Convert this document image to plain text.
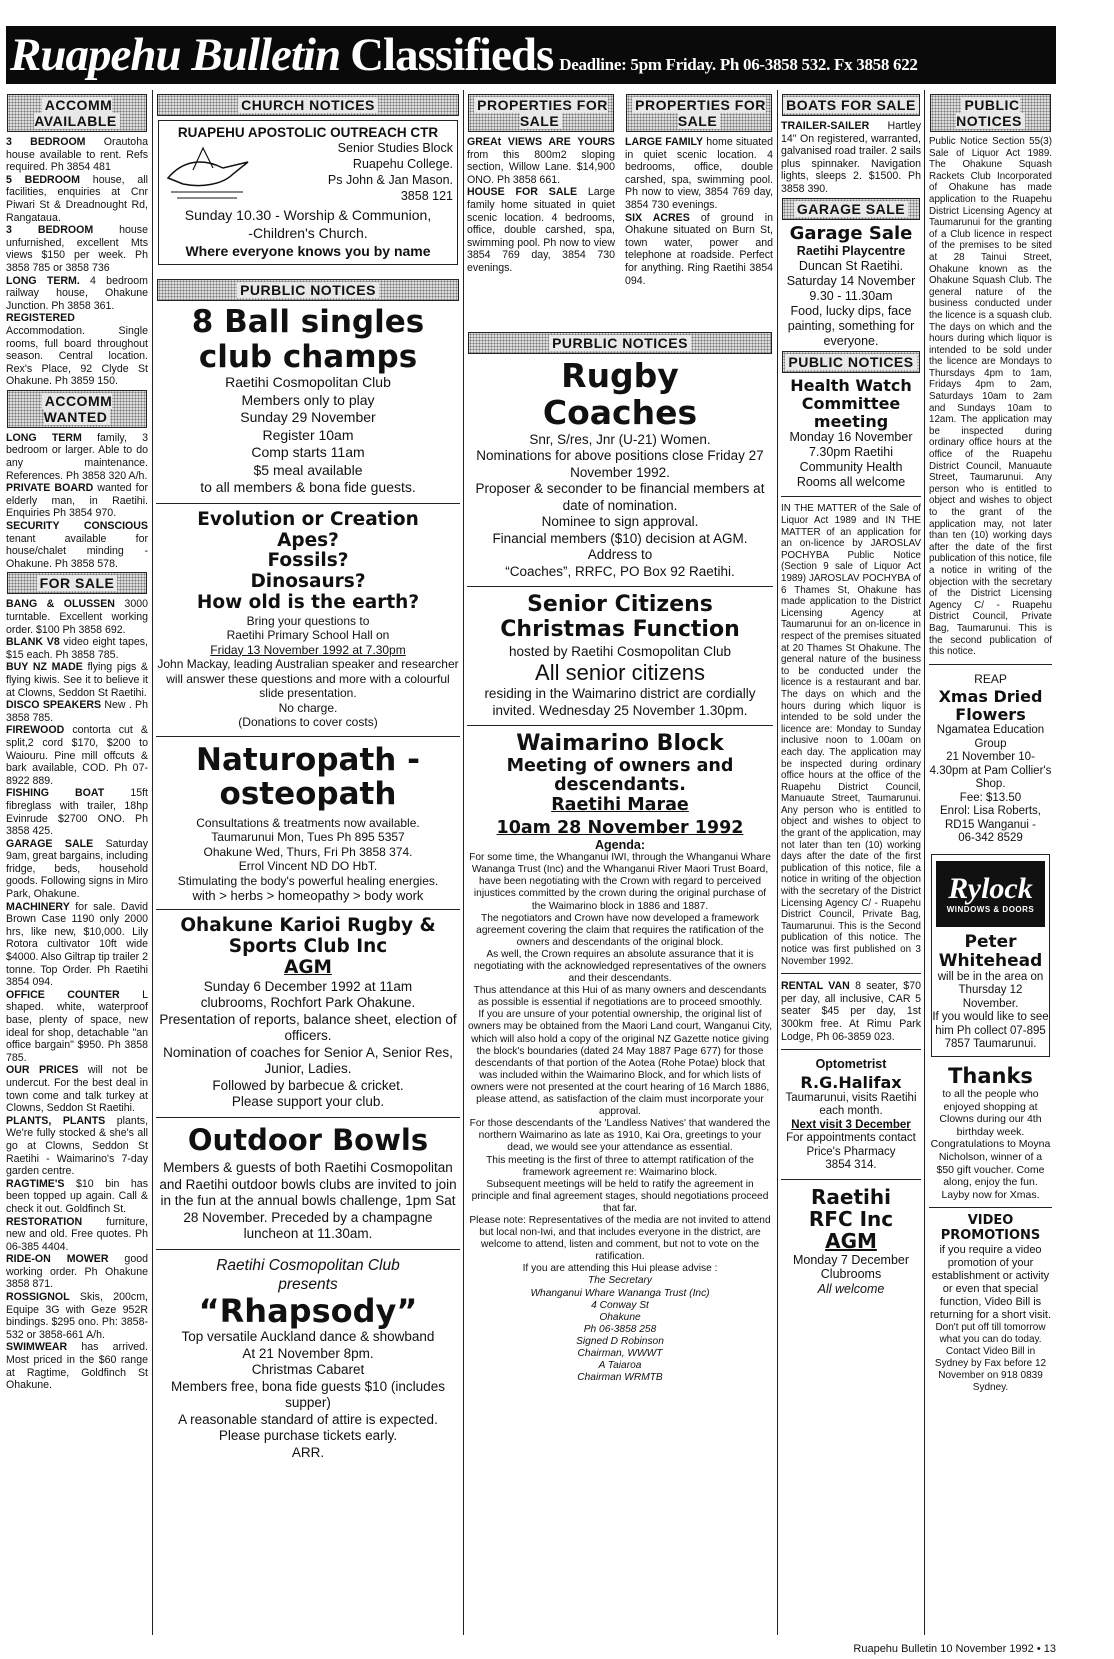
Ruapehu Bulletin Classifieds Deadline: 5pm Friday. Ph 06-3858 532. Fx 3858 622
ACCOMM AVAILABLE

3 BEDROOM Orautoha house available to rent. Refs required. Ph 3854 481

5 BEDROOM house, all facilities, enquiries at Cnr Piwari St & Dreadnought Rd, Rangataua.

3 BEDROOM house unfurnished, excellent Mts views $150 per week. Ph 3858 785 or 3858 736

LONG TERM. 4 bedroom railway house, Ohakune Junction. Ph 3858 361.

REGISTERED Accommodation. Single rooms, full board throughout season. Central location. Rex's Place, 92 Clyde St Ohakune. Ph 3859 150.

ACCOMM WANTED

LONG TERM family, 3 bedroom or larger. Able to do any maintenance. References. Ph 3858 320 A/h.

PRIVATE BOARD wanted for elderly man, in Raetihi. Enquiries Ph 3854 970.

SECURITY CONSCIOUS tenant available for house/chalet minding - Ohakune. Ph 3858 578.

FOR SALE

BANG & OLUSSEN 3000 turntable. Excellent working order. $100 Ph 3858 692.

BLANK V8 video eight tapes, $15 each. Ph 3858 785.

BUY NZ MADE flying pigs & flying kiwis. See it to believe it at Clowns, Seddon St Raetihi.

DISCO SPEAKERS New . Ph 3858 785.

FIREWOOD contorta cut & split,2 cord $170, $200 to Waiouru. Pine mill offcuts & bark available, COD. Ph 07-8922 889.

FISHING BOAT 15ft fibreglass with trailer, 18hp Evinrude $2700 ONO. Ph 3858 425.

GARAGE SALE Saturday 9am, great bargains, including fridge, beds, household goods. Following signs in Miro Park, Ohakune.

MACHINERY for sale. David Brown Case 1190 only 2000 hrs, like new, $10,000. Lily Rotora cultivator 10ft wide $4000. Also Giltrap tip trailer 2 tonne. Top Order. Ph Raetihi 3854 094.

OFFICE COUNTER L shaped. white, waterproof base, plenty of space, new ideal for shop, detachable "an office bargain" $950. Ph 3858 785.

OUR PRICES will not be undercut. For the best deal in town come and talk turkey at Clowns, Seddon St Raetihi.

PLANTS, PLANTS plants, We're fully stocked & she's all go at Clowns, Seddon St Raetihi - Waimarino's 7-day garden centre.

RAGTIME'S $10 bin has been topped up again. Call & check it out. Goldfinch St.

RESTORATION furniture, new and old. Free quotes. Ph 06-385 4404.

RIDE-ON MOWER good working order. Ph Ohakune 3858 871.

ROSSIGNOL Skis, 200cm, Equipe 3G with Geze 952R bindings. $295 ono. Ph: 3858-532 or 3858-661 A/h.

SWIMWEAR has arrived. Most priced in the $60 range at Ragtime, Goldfinch St Ohakune.

CHURCH NOTICES
RUAPEHU APOSTOLIC OUTREACH CTR
Senior Studies Block
Ruapehu College.
Ps John & Jan Mason.
3858 121
Sunday 10.30 - Worship & Communion,
-Children's Church.
Where everyone knows you by name
PURBLIC NOTICES
8 Ball singles
club champs
Raetihi Cosmopolitan Club
Members only to play
Sunday 29 November
Register 10am
Comp starts 11am
$5 meal available
to all members & bona fide guests.
Evolution or Creation
Apes?
Fossils?
Dinosaurs?
How old is the earth?
Bring your questions to
Raetihi Primary School Hall on
Friday 13 November 1992 at 7.30pm
John Mackay, leading Australian speaker and researcher will answer these questions and more with a colourful slide presentation.
No charge.
(Donations to cover costs)
Naturopath -
osteopath
Consultations & treatments now available.
Taumarunui Mon, Tues Ph 895 5357
Ohakune Wed, Thurs, Fri Ph 3858 374.
Errol Vincent ND DO HbT.
Stimulating the body's powerful healing energies.
with > herbs > homeopathy > body work
Ohakune Karioi Rugby &
Sports Club Inc
AGM
Sunday 6 December 1992 at 11am
clubrooms, Rochfort Park Ohakune.
Presentation of reports, balance sheet, election of officers.
Nomination of coaches for Senior A, Senior Res, Junior, Ladies.
Followed by barbecue & cricket.
Please support your club.
Outdoor Bowls
Members & guests of both Raetihi Cosmopolitan and Raetihi outdoor bowls clubs are invited to join in the fun at the annual bowls challenge, 1pm Sat 28 November. Preceded by a champagne luncheon at 11.30am.
Raetihi Cosmopolitan Club
presents
“Rhapsody”
Top versatile Auckland dance & showband
At 21 November 8pm.
Christmas Cabaret
Members free, bona fide guests $10 (includes supper)
A reasonable standard of attire is expected.
Please purchase tickets early.
ARR.
PROPERTIES FOR SALE

GREAt VIEWS ARE YOURS from this 800m2 sloping section, Willow Lane. $14,900 ONO. Ph 3858 661.

HOUSE FOR SALE Large family home situated in quiet scenic location. 4 bedrooms, office, double carshed, spa, swimming pool. Ph now to view 3854 769 day, 3854 730 evenings.

PROPERTIES FOR SALE

LARGE FAMILY home situated in quiet scenic location. 4 bedrooms, office, double carshed, spa, swimming pool. Ph now to view, 3854 769 day, 3854 730 evenings.

SIX ACRES of ground in Ohakune situated on Burn St, town water, power and telephone at roadside. Perfect for anything. Ring Raetihi 3854 094.

PURBLIC NOTICES
Rugby
Coaches
Snr, S/res, Jnr (U-21) Women.
Nominations for above positions close Friday 27 November 1992.
Proposer & seconder to be financial members at date of nomination.
Nominee to sign approval.
Financial members ($10) decision at AGM.
Address to
“Coaches”, RRFC, PO Box 92 Raetihi.
Senior Citizens
Christmas Function
hosted by Raetihi Cosmopolitan Club
All senior citizens
residing in the Waimarino district are cordially invited. Wednesday 25 November 1.30pm.
Waimarino Block
Meeting of owners and
descendants.
Raetihi Marae
10am 28 November 1992
Agenda:
For some time, the Whanganui IWI, through the Whanganui Whare Wananga Trust (Inc) and the Whanganui River Maori Trust Board, have been negotiating with the Crown with regard to perceived injustices committed by the crown during the original purchase of the Waimarino block in 1886 and 1887.
The negotiators and Crown have now developed a framework agreement covering the claim that requires the ratification of the owners and descendants of the original block.
As well, the Crown requires an absolute assurance that it is negotiating with the acknowledged representatives of the owners and their descendants.
Thus attendance at this Hui of as many owners and descendants as possible is essential if negotiations are to proceed smoothly.
If you are unsure of your potential ownership, the original list of owners may be obtained from the Maori Land court, Wanganui City, which will also hold a copy of the original NZ Gazette notice giving the block's boundaries (dated 24 May 1887 Page 677) for those descendants of that portion of the Aotea (Rohe Potae) block that was included within the Waimarino Block, and for which lists of owners were not presented at the court hearing of 16 March 1886, please attend, as satisfaction of the claim must incorporate your approval.
For those descendants of the 'Landless Natives' that wandered the northern Waimarino as late as 1910, Kai Ora, greetings to your dead, we would see your attendance as essential.
This meeting is the first of three to attempt ratification of the framework agreement re: Waimarino block.
Subsequent meetings will be held to ratify the agreement in principle and final agreement stages, should negotiations proceed that far.
Please note: Representatives of the media are not invited to attend but local non-Iwi, and that includes everyone in the district, are welcome to attend, listen and comment, but not to vote on the ratification.
If you are attending this Hui please advise :
The Secretary
Whanganui Whare Wananga Trust (Inc)
4 Conway St
Ohakune
Ph 06-3858 258
Signed D Robinson
Chairman, WWWT
A Taiaroa
Chairman WRMTB
BOATS FOR SALE

TRAILER-SAILER Hartley 14" On registered, warranted, galvanised road trailer. 2 sails plus spinnaker. Navigation lights, sleeps 2. $1500. Ph 3858 390.

GARAGE SALE
Garage Sale
Raetihi Playcentre
Duncan St Raetihi.
Saturday 14 November
9.30 - 11.30am
Food, lucky dips, face painting, something for everyone.
PUBLIC NOTICES
Health Watch
Committee
meeting
Monday 16 November 7.30pm Raetihi Community Health Rooms all welcome

IN THE MATTER of the Sale of Liquor Act 1989 and IN THE MATTER of an application for an on-licence by JAROSLAV POCHYBA Public Notice (Section 9 sale of Liquor Act 1989) JAROSLAV POCHYBA of 6 Thames St, Ohakune has made application to the District Licensing Agency at Taumarunui for an on-licence in respect of the premises situated at 20 Thames St Ohakune. The general nature of the business to be conducted under the licence is a restaurant and bar. The days on which and the hours during which liquor is intended to be sold under the licence are: Monday to Sunday inclusive noon to 1.00am on each day. The application may be inspected during ordinary office hours at the office of the Ruapehu District Council, Manuaute Street, Taumarunui. Any person who is entitled to object and wishes to object to the grant of the application, may not later than ten (10) working days after the date of the first publication of this notice, file a notice in writing of the objection with the secretary of the District Licensing Agency C/ - Ruapehu District Council, Private Bag, Taumarunui. This is the Second publication of this notice. The notice was first published on 3 November 1992.

RENTAL VAN 8 seater, $70 per day, all inclusive, CAR 5 seater $45 per day, 1st 300km free. At Rimu Park Lodge, Ph 06-3859 023.

Optometrist
R.G.Halifax
Taumarunui, visits Raetihi each month.
Next visit 3 December
For appointments contact Price's Pharmacy
3854 314.
Raetihi
RFC Inc
AGM
Monday 7 December
Clubrooms
All welcome
PUBLIC NOTICES

Public Notice Section 55(3) Sale of Liquor Act 1989. The Ohakune Squash Rackets Club Incorporated of Ohakune has made application to the Ruapehu District Licensing Agency at Taumarunui for the granting of a Club licence in respect of the premises to be sited at 28 Tainui Street, Ohakune known as the Ohakune Squash Club. The general nature of the business conducted under the licence is a squash club. The days on which and the hours during which liquor is intended to be sold under the licence are Mondays to Thursdays 4pm to 1am, Fridays 4pm to 2am, Saturdays 10am to 2am and Sundays 10am to 12am. The application may be inspected during ordinary office hours at the office of the Ruapehu District Council, Manuaute Street, Taumarunui. Any person who is entitled to object and wishes to object to the grant of the application may, not later than ten (10) working days after the date of the first publication of this notice, file a notice in writing of the objection with the secretary of the District Licensing Agency C/ - Ruapehu District Council, Private Bag, Taumarunui. This is the second publication of this notice.

REAP
Xmas Dried
Flowers
Ngamatea Education Group
21 November 10-4.30pm at Pam Collier's Shop.
Fee: $13.50
Enrol: Lisa Roberts, RD15 Wanganui -
06-342 8529
Rylock
WINDOWS & DOORS
Peter
Whitehead
will be in the area on Thursday 12 November.
If you would like to see him Ph collect 07-895 7857 Taumarunui.
Thanks
to all the people who enjoyed shopping at Clowns during our 4th birthday week. Congratulations to Moyna Nicholson, winner of a $50 gift voucher. Come along, enjoy the fun. Layby now for Xmas.
VIDEO
PROMOTIONS
if you require a video promotion of your establishment or activity or even that special function, Video Bill is returning for a short visit.
Don't put off till tomorrow what you can do today. Contact Video Bill in Sydney by Fax before 12 November on 918 0839 Sydney.
Ruapehu Bulletin 10 November 1992 • 13
